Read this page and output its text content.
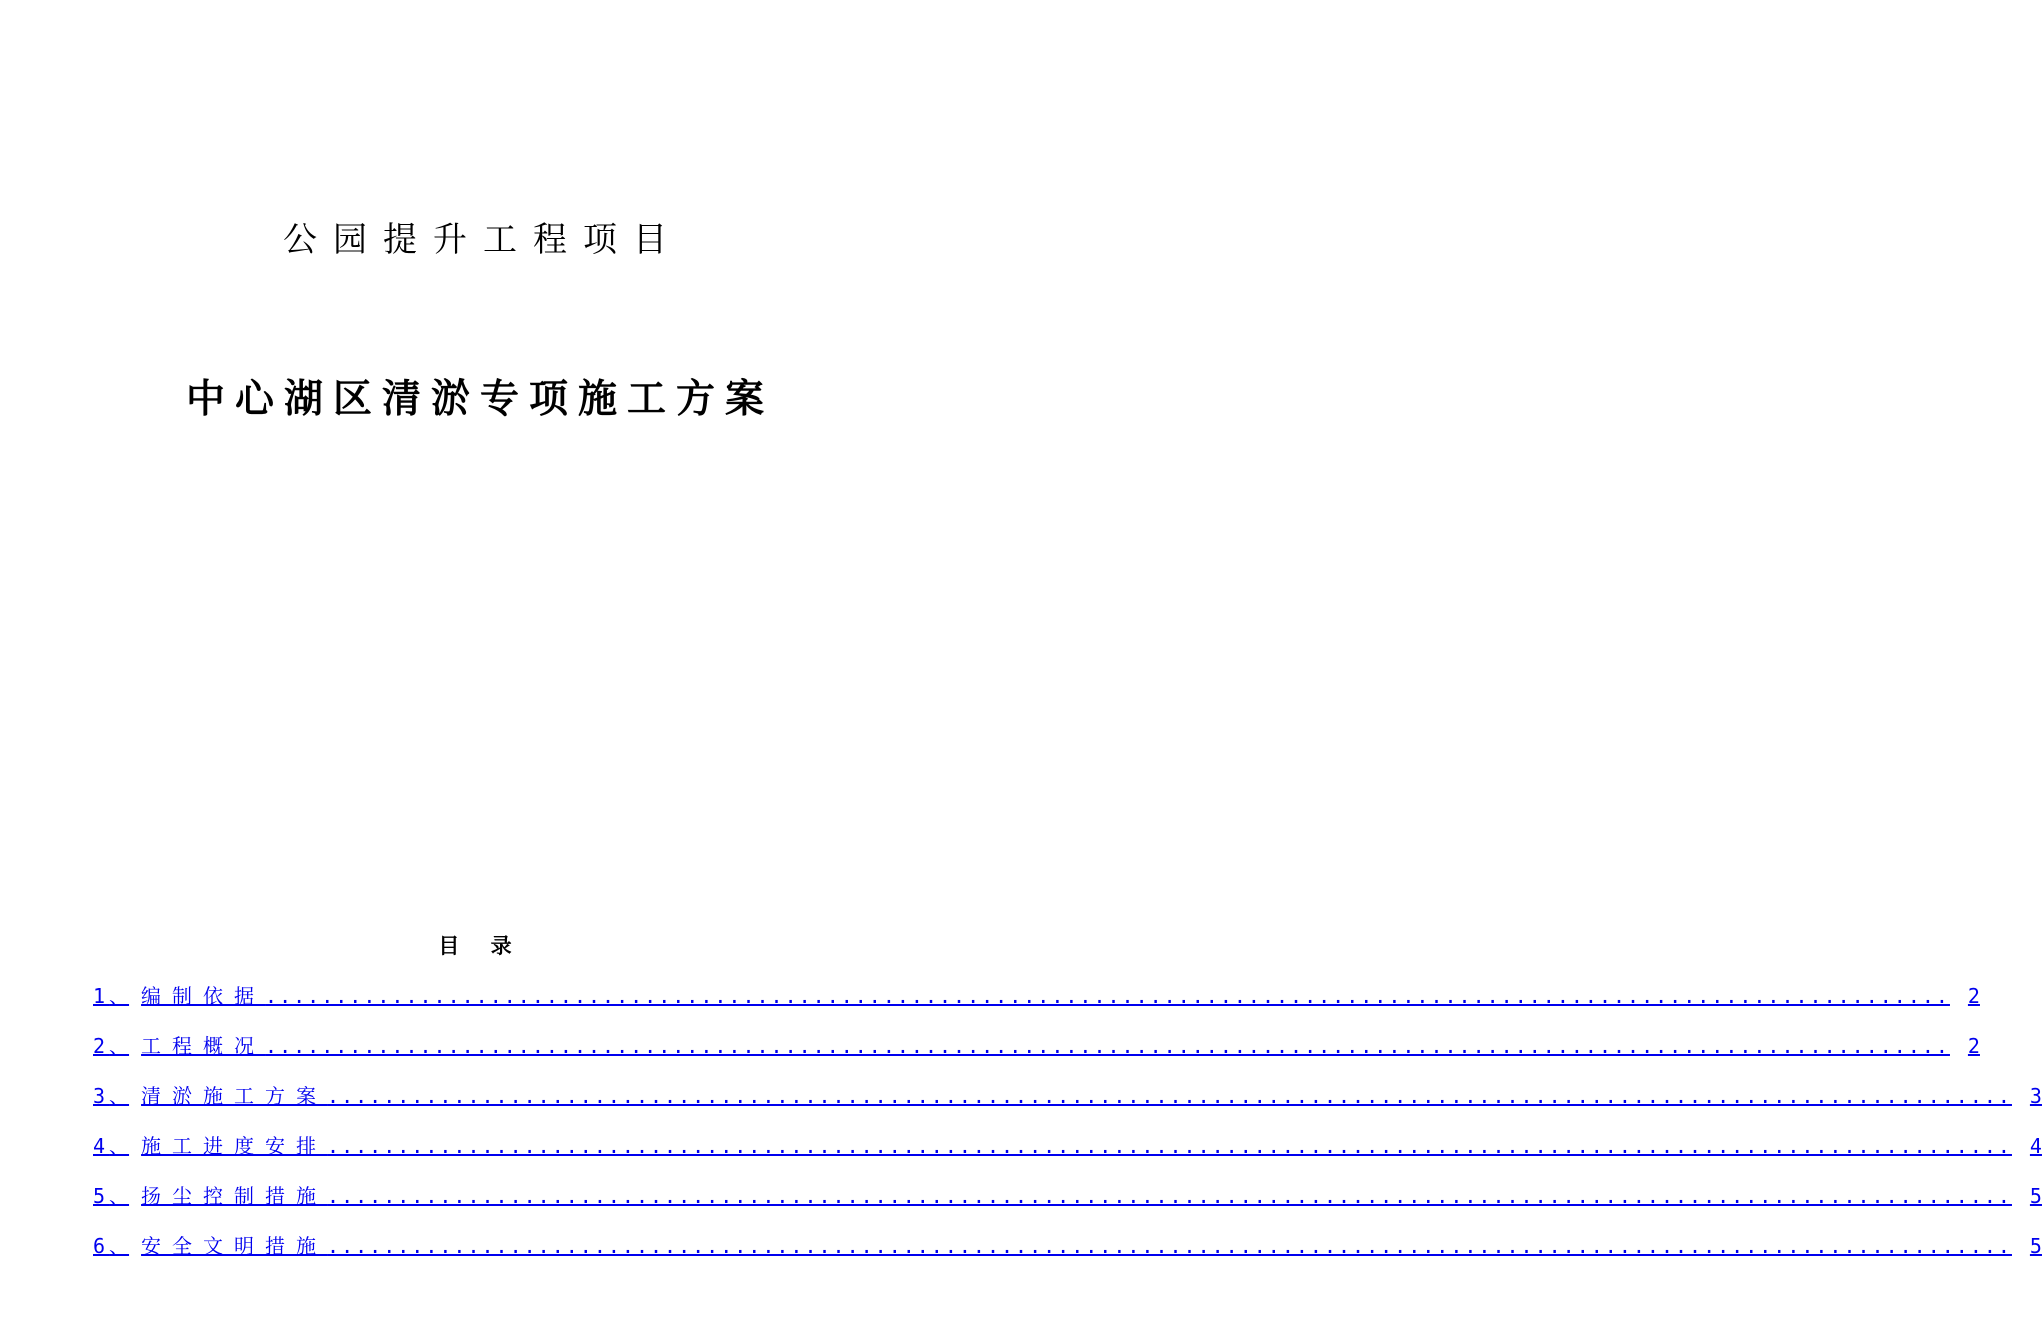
公园提升工程项目
中心湖区清淤专项施工方案
目 录
1 、 编制依据 ........................................................................................................................ 2
2 、 工程概况 ........................................................................................................................ 2
3 、 清淤施工方案 ........................................................................................................................ 3
4 、 施工进度安排 ........................................................................................................................ 4
5 、 扬尘控制措施 ........................................................................................................................ 5
6 、 安全文明措施 ........................................................................................................................ 5
